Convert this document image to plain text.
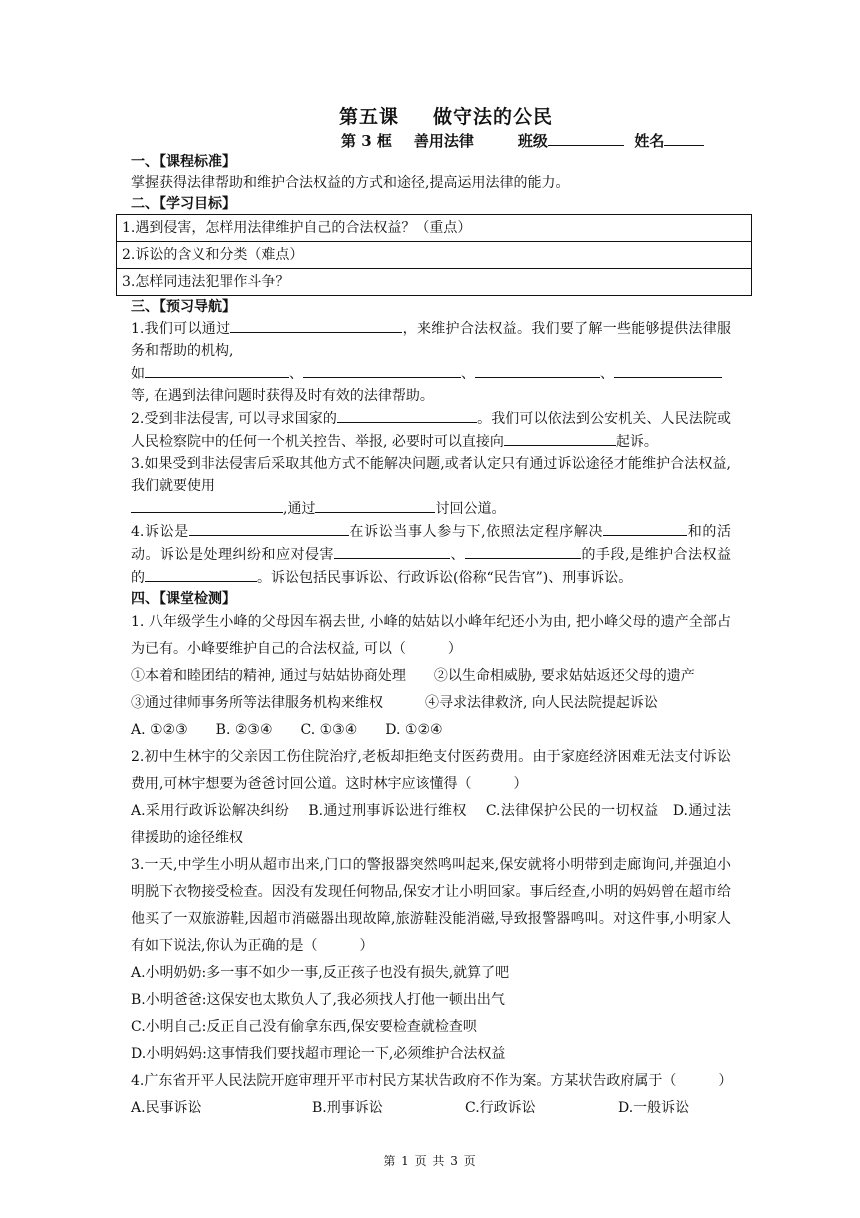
第五课 做守法的公民
第 3 框 善用法律	班级	姓名

一、【课程标准】

掌握获得法律帮助和维护合法权益的方式和途径,提高运用法律的能力。

二、【学习目标】

1.遇到侵害，怎样用法律维护自己的合法权益？（重点）
2.诉讼的含义和分类（难点）
3.怎样同违法犯罪作斗争？

三、【预习导航】

1.我们可以通过	，来维护合法权益。我们要了解一些能够提供法律服务和帮助的机构,
如	、	、	、
等, 在遇到法律问题时获得及时有效的法律帮助。

2.受到非法侵害, 可以寻求国家的	。我们可以依法到公安机关、人民法院或人民检察院中的任何一个机关控告、举报, 必要时可以直接向	起诉。

3.如果受到非法侵害后采取其他方式不能解决问题,或者认定只有通过诉讼途径才能维护合法权益,我们就要使用
,通过	讨回公道。

4.诉讼是	在诉讼当事人参与下,依照法定程序解决	和的活动。诉讼是处理纠纷和应对侵害	、	的手段,是维护合法权益的	。诉讼包括民事诉讼、行政诉讼(俗称“民告官”)、刑事诉讼。

四、【课堂检测】

1. 八年级学生小峰的父母因车祸去世, 小峰的姑姑以小峰年纪还小为由, 把小峰父母的遗产全部占为已有。小峰要维护自己的合法权益, 可以（　　　）

①本着和睦团结的精神, 通过与姑姑协商处理　　②以生命相威胁, 要求姑姑返还父母的遗产

③通过律师事务所等法律服务机构来维权　　　④寻求法律救济, 向人民法院提起诉讼

A. ①②③　　B. ②③④　　C. ①③④　　D. ①②④

2.初中生林宇的父亲因工伤住院治疗,老板却拒绝支付医药费用。由于家庭经济困难无法支付诉讼费用,可林宇想要为爸爸讨回公道。这时林宇应该懂得（　　　）

A.采用行政诉讼解决纠纷　 B.通过刑事诉讼进行维权　 C.法律保护公民的一切权益　D.通过法律援助的途径维权

3.一天,中学生小明从超市出来,门口的警报器突然鸣叫起来,保安就将小明带到走廊询问,并强迫小明脱下衣物接受检查。因没有发现任何物品,保安才让小明回家。事后经查,小明的妈妈曾在超市给他买了一双旅游鞋,因超市消磁器出现故障,旅游鞋没能消磁,导致报警器鸣叫。对这件事,小明家人有如下说法,你认为正确的是（　　　）

A.小明奶奶:多一事不如少一事,反正孩子也没有损失,就算了吧

B.小明爸爸:这保安也太欺负人了,我必须找人打他一顿出出气

C.小明自己:反正自己没有偷拿东西,保安要检查就检查呗

D.小明妈妈:这事情我们要找超市理论一下,必须维护合法权益

4.广东省开平人民法院开庭审理开平市村民方某状告政府不作为案。方某状告政府属于（　　　）

A.民事诉讼	B.刑事诉讼	C.行政诉讼	D.一般诉讼
第 1 页 共 3 页
